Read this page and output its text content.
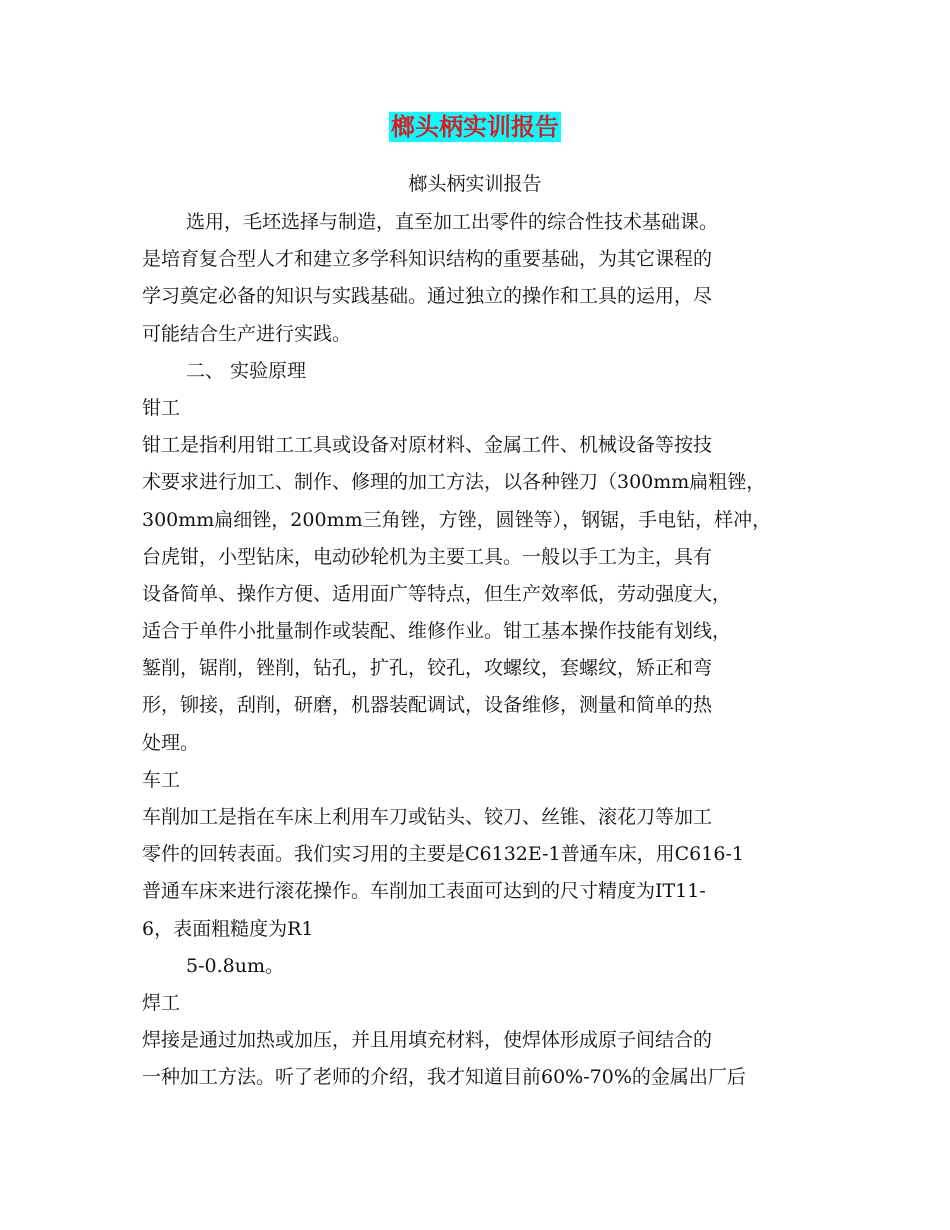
榔头柄实训报告
榔头柄实训报告
选用，毛坯选择与制造，直至加工出零件的综合性技术基础课。
是培育复合型人才和建立多学科知识结构的重要基础，为其它课程的
学习奠定必备的知识与实践基础。通过独立的操作和工具的运用，尽
可能结合生产进行实践。
二、 实验原理
钳工
钳工是指利用钳工工具或设备对原材料、金属工件、机械设备等按技
术要求进行加工、制作、修理的加工方法，以各种锉刀（300mm扁粗锉，
300mm扁细锉，200mm三角锉，方锉，圆锉等），钢锯，手电钻，样冲，
台虎钳，小型钻床，电动砂轮机为主要工具。一般以手工为主，具有
设备简单、操作方便、适用面广等特点，但生产效率低，劳动强度大，
适合于单件小批量制作或装配、维修作业。钳工基本操作技能有划线，
錾削，锯削，锉削，钻孔，扩孔，铰孔，攻螺纹，套螺纹，矫正和弯
形，铆接，刮削，研磨，机器装配调试，设备维修，测量和简单的热
处理。
车工
车削加工是指在车床上利用车刀或钻头、铰刀、丝锥、滚花刀等加工
零件的回转表面。我们实习用的主要是C6132E-1普通车床，用C616-1
普通车床来进行滚花操作。车削加工表面可达到的尺寸精度为IT11-
6，表面粗糙度为R1
5-0.8um。
焊工
焊接是通过加热或加压，并且用填充材料，使焊体形成原子间结合的
一种加工方法。听了老师的介绍，我才知道目前60%-70%的金属出厂后
